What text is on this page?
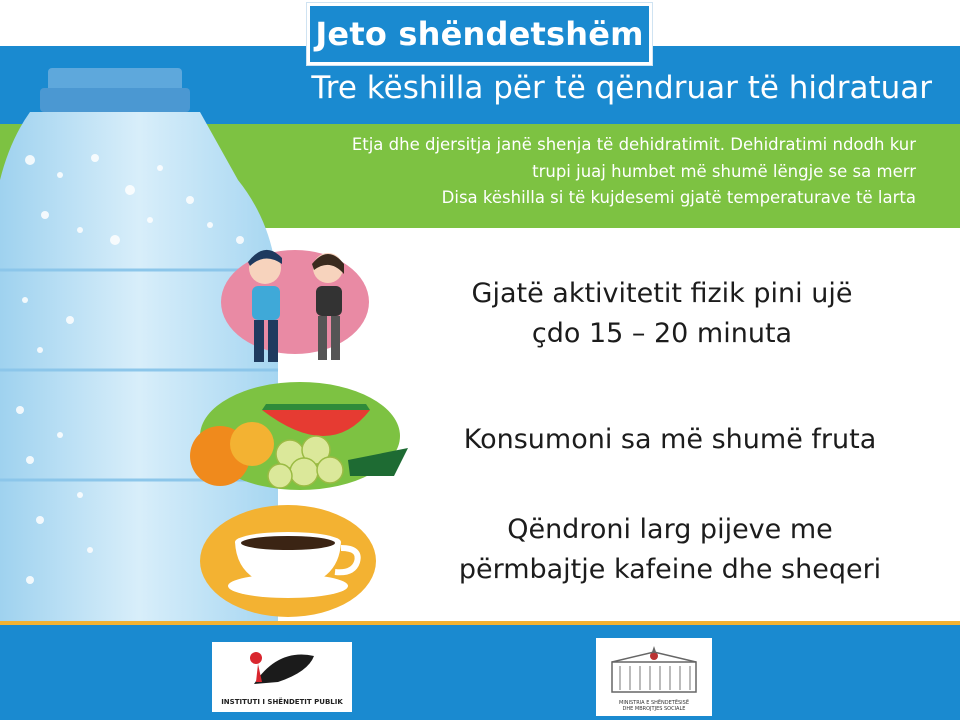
Jeto shëndetshëm
Tre këshilla për të qëndruar të hidratuar
Etja dhe djersitja janë shenja të dehidratimit. Dehidratimi ndodh kur
trupi juaj humbet më shumë lëngje se sa merr
Disa këshilla si të kujdesemi gjatë temperaturave të larta
Gjatë aktivitetit fizik pini ujë
çdo 15 – 20 minuta
Konsumoni sa më shumë fruta
Qëndroni larg pijeve me
përmbajtje kafeine dhe sheqeri
INSTITUTI I SHËNDETIT PUBLIK	MINISTRIA E SHËNDETËSISË
DHE MBROJTJES SOCIALE
